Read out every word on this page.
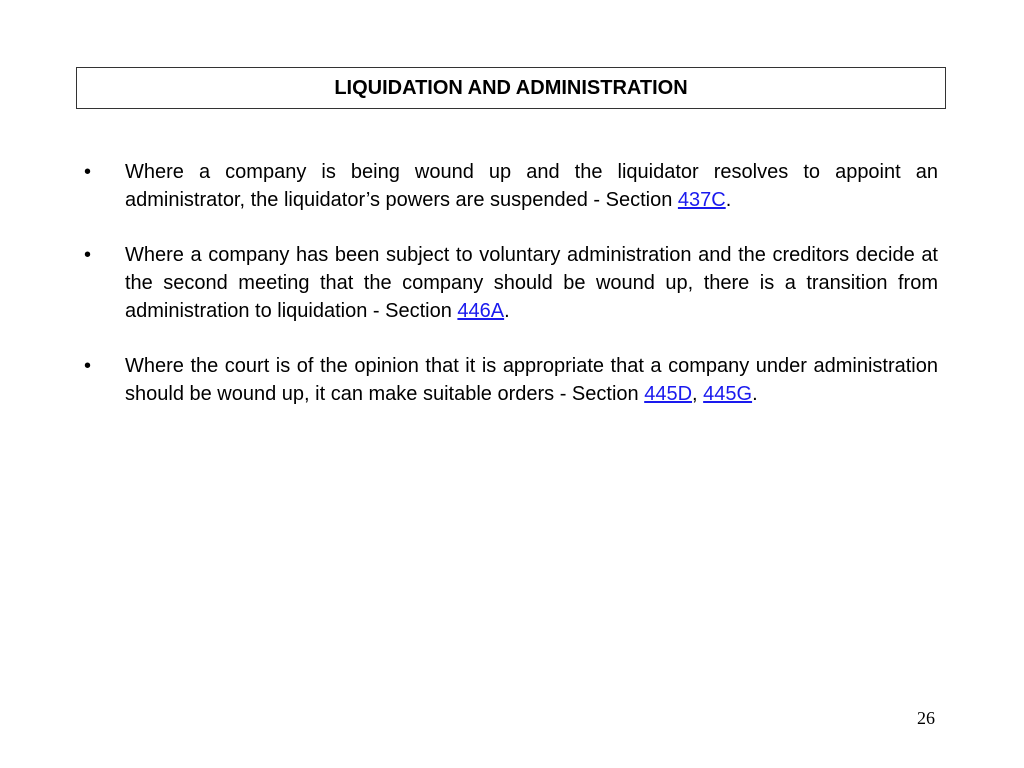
LIQUIDATION AND ADMINISTRATION
•	Where a company is being wound up and the liquidator resolves to appoint an administrator, the liquidator’s powers are suspended - Section 437C.
•	Where a company has been subject to voluntary administration and the creditors decide at the second meeting that the company should be wound up, there is a transition from administration to liquidation - Section 446A.
•	Where the court is of the opinion that it is appropriate that a company under administration should be wound up, it can make suitable orders - Section 445D, 445G.
26
